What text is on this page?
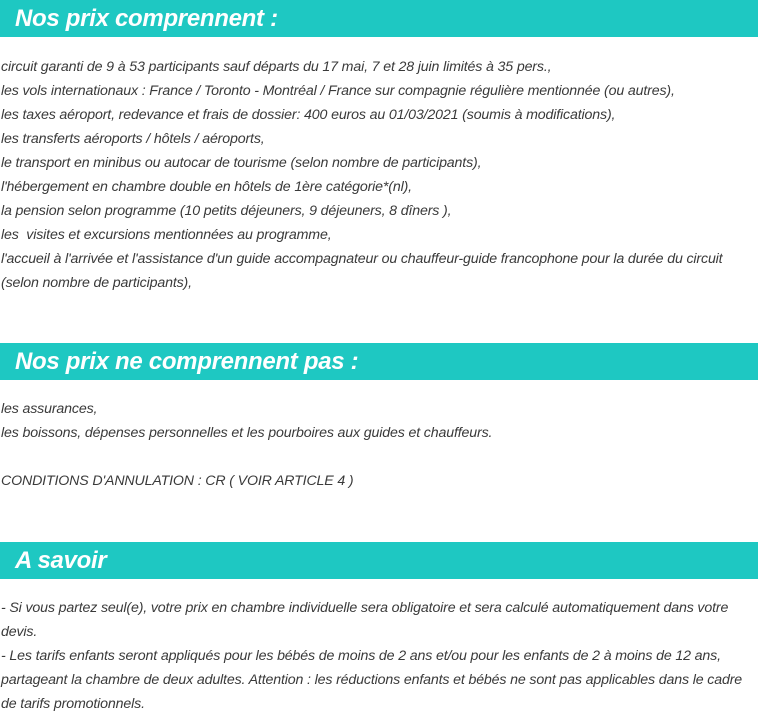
Nos prix comprennent :
circuit garanti de 9 à 53 participants sauf départs du 17 mai, 7 et 28 juin limités à 35 pers.,
les vols internationaux : France / Toronto - Montréal / France sur compagnie régulière mentionnée (ou autres),
les taxes aéroport, redevance et frais de dossier: 400 euros au 01/03/2021 (soumis à modifications),
les transferts aéroports / hôtels / aéroports,
le transport en minibus ou autocar de tourisme (selon nombre de participants),
l'hébergement en chambre double en hôtels de 1ère catégorie*(nl),
la pension selon programme (10 petits déjeuners, 9 déjeuners, 8 dîners ),
les  visites et excursions mentionnées au programme,
l'accueil à l'arrivée et l'assistance d'un guide accompagnateur ou chauffeur-guide francophone pour la durée du circuit
(selon nombre de participants),
Nos prix ne comprennent pas :
les assurances,
les boissons, dépenses personnelles et les pourboires aux guides et chauffeurs.
CONDITIONS D'ANNULATION : CR ( VOIR ARTICLE 4 )
A savoir
- Si vous partez seul(e), votre prix en chambre individuelle sera obligatoire et sera calculé automatiquement dans votre
devis.
- Les tarifs enfants seront appliqués pour les bébés de moins de 2 ans et/ou pour les enfants de 2 à moins de 12 ans,
partageant la chambre de deux adultes. Attention : les réductions enfants et bébés ne sont pas applicables dans le cadre
de tarifs promotionnels.
